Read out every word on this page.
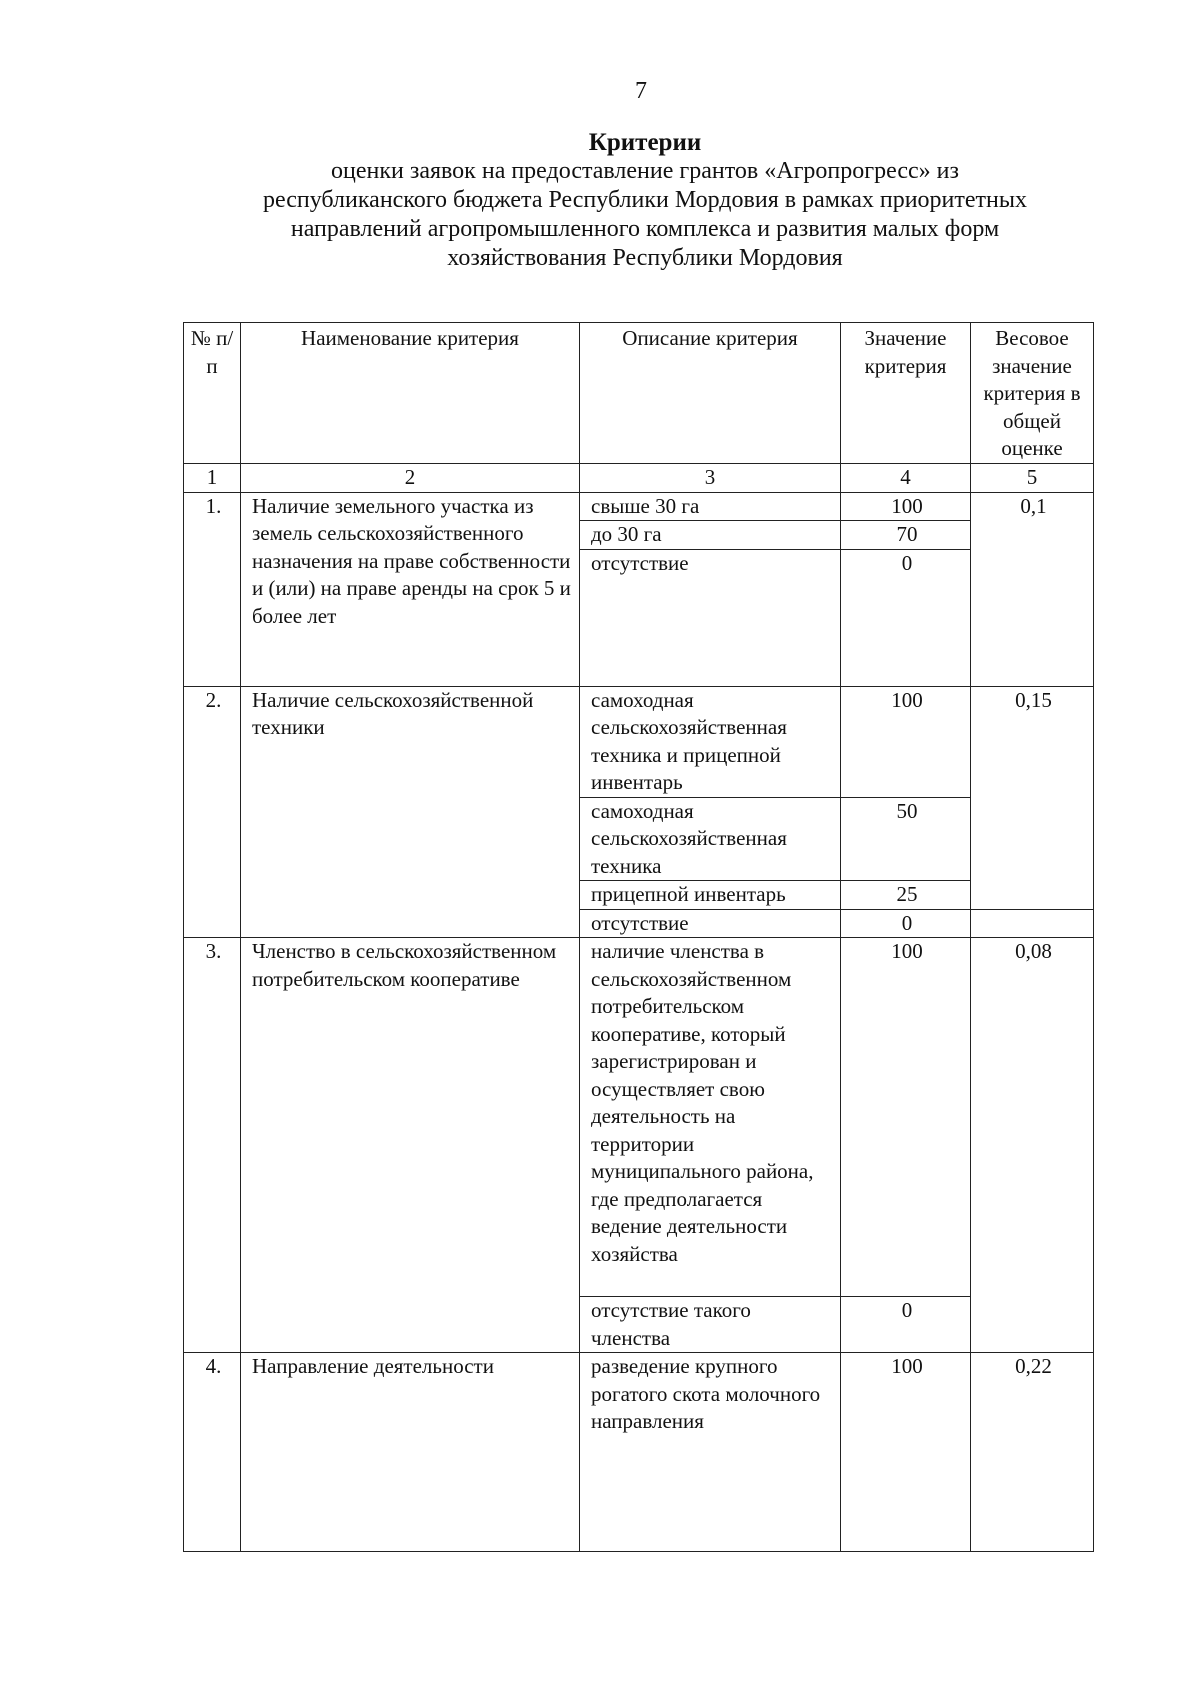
7
Критерии
оценки заявок на предоставление грантов «Агропрогресс» из
республиканского бюджета Республики Мордовия в рамках приоритетных
направлений агропромышленного комплекса и развития малых форм
хозяйствования Республики Мордовия
№ п/п	Наименование критерия	Описание критерия	Значение критерия	Весовое значение критерия в общей оценке
1	2	3	4	5
1.	Наличие земельного участка из земель сельскохозяйственного назначения на праве собственности и (или) на праве аренды на срок 5 и более лет	свыше 30 га	100	0,1
		до 30 га	70	
		отсутствие	0	
2.	Наличие сельскохозяйственной техники	самоходная сельскохозяйственная техника и прицепной инвентарь	100	0,15
		самоходная сельскохозяйственная техника	50	
		прицепной инвентарь	25	
		отсутствие	0	
3.	Членство в сельскохозяйственном потребительском кооперативе	наличие членства в сельскохозяйственном потребительском кооперативе, который зарегистрирован и осуществляет свою деятельность на территории муниципального района, где предполагается ведение деятельности хозяйства	100	0,08
		отсутствие такого членства	0	
4.	Направление деятельности	разведение крупного рогатого скота молочного направления	100	0,22
